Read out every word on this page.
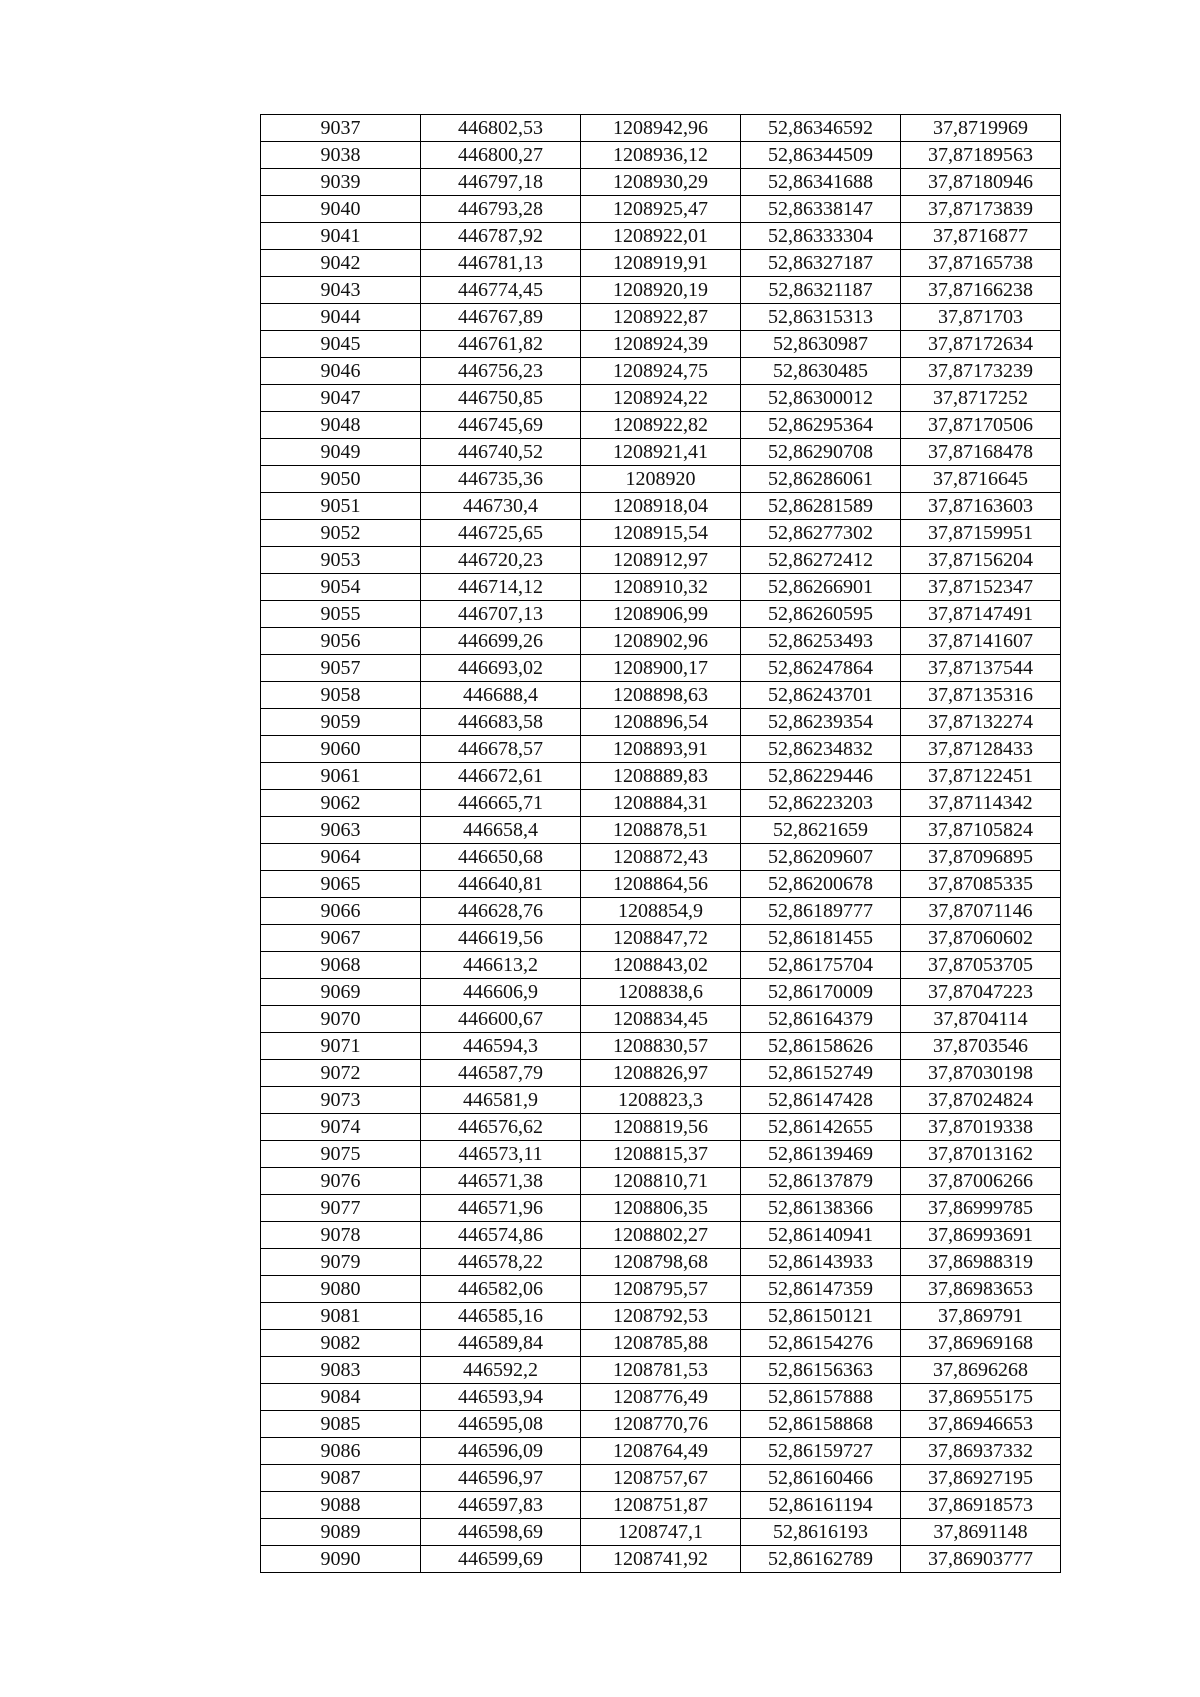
9037	446802,53	1208942,96	52,86346592	37,8719969
9038	446800,27	1208936,12	52,86344509	37,87189563
9039	446797,18	1208930,29	52,86341688	37,87180946
9040	446793,28	1208925,47	52,86338147	37,87173839
9041	446787,92	1208922,01	52,86333304	37,8716877
9042	446781,13	1208919,91	52,86327187	37,87165738
9043	446774,45	1208920,19	52,86321187	37,87166238
9044	446767,89	1208922,87	52,86315313	37,871703
9045	446761,82	1208924,39	52,8630987	37,87172634
9046	446756,23	1208924,75	52,8630485	37,87173239
9047	446750,85	1208924,22	52,86300012	37,8717252
9048	446745,69	1208922,82	52,86295364	37,87170506
9049	446740,52	1208921,41	52,86290708	37,87168478
9050	446735,36	1208920	52,86286061	37,8716645
9051	446730,4	1208918,04	52,86281589	37,87163603
9052	446725,65	1208915,54	52,86277302	37,87159951
9053	446720,23	1208912,97	52,86272412	37,87156204
9054	446714,12	1208910,32	52,86266901	37,87152347
9055	446707,13	1208906,99	52,86260595	37,87147491
9056	446699,26	1208902,96	52,86253493	37,87141607
9057	446693,02	1208900,17	52,86247864	37,87137544
9058	446688,4	1208898,63	52,86243701	37,87135316
9059	446683,58	1208896,54	52,86239354	37,87132274
9060	446678,57	1208893,91	52,86234832	37,87128433
9061	446672,61	1208889,83	52,86229446	37,87122451
9062	446665,71	1208884,31	52,86223203	37,87114342
9063	446658,4	1208878,51	52,8621659	37,87105824
9064	446650,68	1208872,43	52,86209607	37,87096895
9065	446640,81	1208864,56	52,86200678	37,87085335
9066	446628,76	1208854,9	52,86189777	37,87071146
9067	446619,56	1208847,72	52,86181455	37,87060602
9068	446613,2	1208843,02	52,86175704	37,87053705
9069	446606,9	1208838,6	52,86170009	37,87047223
9070	446600,67	1208834,45	52,86164379	37,8704114
9071	446594,3	1208830,57	52,86158626	37,8703546
9072	446587,79	1208826,97	52,86152749	37,87030198
9073	446581,9	1208823,3	52,86147428	37,87024824
9074	446576,62	1208819,56	52,86142655	37,87019338
9075	446573,11	1208815,37	52,86139469	37,87013162
9076	446571,38	1208810,71	52,86137879	37,87006266
9077	446571,96	1208806,35	52,86138366	37,86999785
9078	446574,86	1208802,27	52,86140941	37,86993691
9079	446578,22	1208798,68	52,86143933	37,86988319
9080	446582,06	1208795,57	52,86147359	37,86983653
9081	446585,16	1208792,53	52,86150121	37,869791
9082	446589,84	1208785,88	52,86154276	37,86969168
9083	446592,2	1208781,53	52,86156363	37,8696268
9084	446593,94	1208776,49	52,86157888	37,86955175
9085	446595,08	1208770,76	52,86158868	37,86946653
9086	446596,09	1208764,49	52,86159727	37,86937332
9087	446596,97	1208757,67	52,86160466	37,86927195
9088	446597,83	1208751,87	52,86161194	37,86918573
9089	446598,69	1208747,1	52,8616193	37,8691148
9090	446599,69	1208741,92	52,86162789	37,86903777
